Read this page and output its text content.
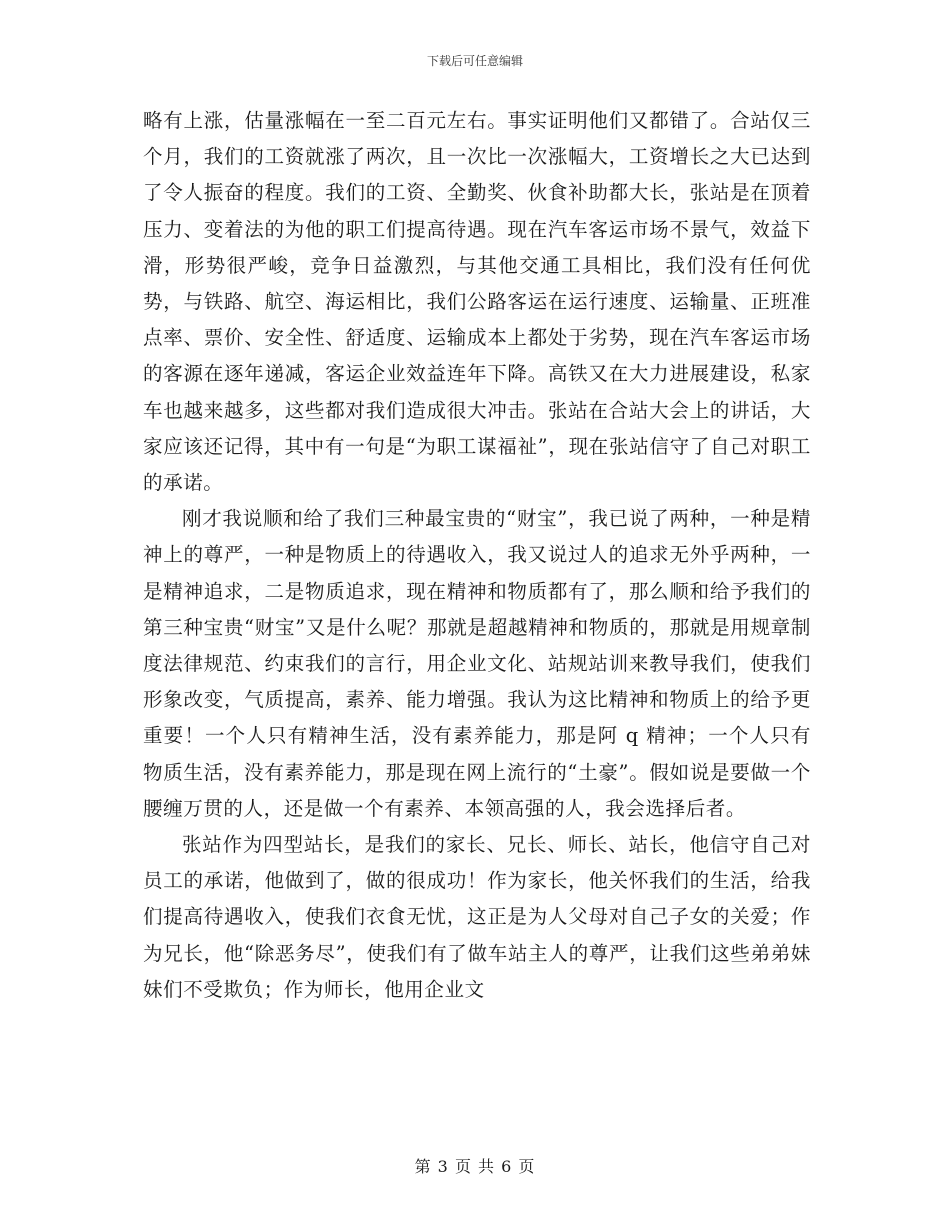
下载后可任意编辑

略有上涨，估量涨幅在一至二百元左右。事实证明他们又都错了。合站仅三个月，我们的工资就涨了两次，且一次比一次涨幅大，工资增长之大已达到了令人振奋的程度。我们的工资、全勤奖、伙食补助都大长，张站是在顶着压力、变着法的为他的职工们提高待遇。现在汽车客运市场不景气，效益下滑，形势很严峻，竞争日益激烈，与其他交通工具相比，我们没有任何优势，与铁路、航空、海运相比，我们公路客运在运行速度、运输量、正班准点率、票价、安全性、舒适度、运输成本上都处于劣势，现在汽车客运市场的客源在逐年递减，客运企业效益连年下降。高铁又在大力进展建设，私家车也越来越多，这些都对我们造成很大冲击。张站在合站大会上的讲话，大家应该还记得，其中有一句是“为职工谋福祉”，现在张站信守了自己对职工的承诺。

刚才我说顺和给了我们三种最宝贵的“财宝”，我已说了两种，一种是精神上的尊严，一种是物质上的待遇收入，我又说过人的追求无外乎两种，一是精神追求，二是物质追求，现在精神和物质都有了，那么顺和给予我们的第三种宝贵“财宝”又是什么呢？那就是超越精神和物质的，那就是用规章制度法律规范、约束我们的言行，用企业文化、站规站训来教导我们，使我们形象改变，气质提高，素养、能力增强。我认为这比精神和物质上的给予更重要！一个人只有精神生活，没有素养能力，那是阿 q 精神；一个人只有物质生活，没有素养能力，那是现在网上流行的“土豪”。假如说是要做一个腰缠万贯的人，还是做一个有素养、本领高强的人，我会选择后者。

张站作为四型站长，是我们的家长、兄长、师长、站长，他信守自己对员工的承诺，他做到了，做的很成功！作为家长，他关怀我们的生活，给我们提高待遇收入，使我们衣食无忧，这正是为人父母对自己子女的关爱；作为兄长，他“除恶务尽”，使我们有了做车站主人的尊严，让我们这些弟弟妹妹们不受欺负；作为师长，他用企业文

第 3 页 共 6 页
